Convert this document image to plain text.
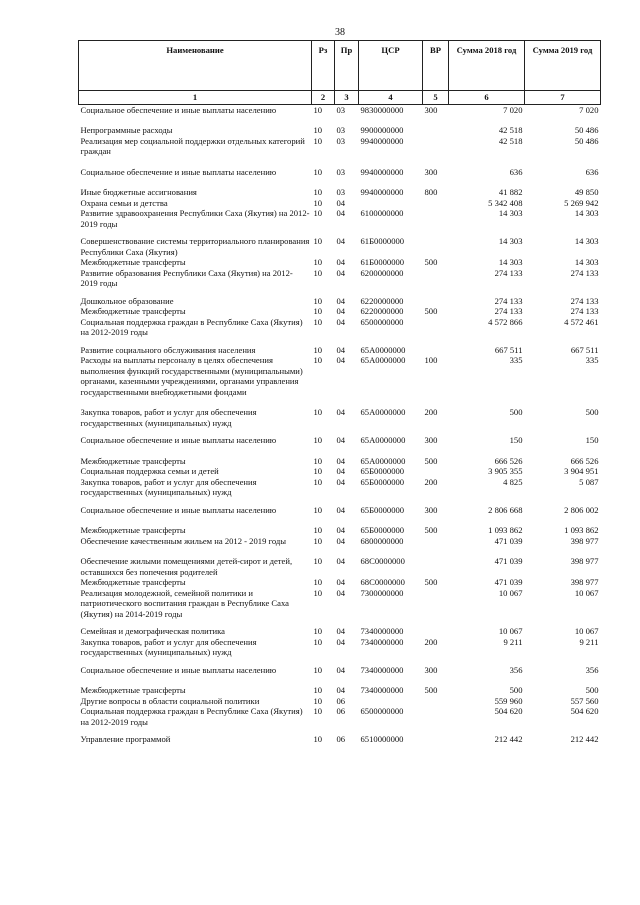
38
Наименование	Рз	Пр	ЦСР	ВР	Сумма 2018 год	Сумма 2019 год
1	2	3	4	5	6	7
Социальное обеспечение и иные выплаты населению	10	03	9830000000	300	7 020	7 020

Непрограммные расходы	10	03	9900000000		42 518	50 486
Реализация мер социальной поддержки отдельных категорий граждан	10	03	9940000000		42 518	50 486

Социальное обеспечение и иные выплаты населению	10	03	9940000000	300	636	636

Иные бюджетные ассигнования	10	03	9940000000	800	41 882	49 850
Охрана семьи и детства	10	04			5 342 408	5 269 942
Развитие здравоохранения Республики Саха (Якутия) на 2012-2019 годы	10	04	6100000000		14 303	14 303

Совершенствование системы территориального планирования Республики Саха (Якутия)	10	04	61Б0000000		14 303	14 303
Межбюджетные трансферты	10	04	61Б0000000	500	14 303	14 303
Развитие образования Республики Саха (Якутия) на 2012-2019 годы	10	04	6200000000		274 133	274 133

Дошкольное образование	10	04	6220000000		274 133	274 133
Межбюджетные трансферты	10	04	6220000000	500	274 133	274 133
Социальная поддержка граждан в Республике Саха (Якутия) на 2012-2019 годы	10	04	6500000000		4 572 866	4 572 461

Развитие социального обслуживания населения	10	04	65А0000000		667 511	667 511
Расходы на выплаты персоналу в целях обеспечения выполнения функций государственными (муниципальными) органами, казенными учреждениями, органами управления государственными внебюджетными фондами	10	04	65А0000000	100	335	335

Закупка товаров, работ и услуг для обеспечения государственных (муниципальных) нужд	10	04	65А0000000	200	500	500

Социальное обеспечение и иные выплаты населению	10	04	65А0000000	300	150	150

Межбюджетные трансферты	10	04	65А0000000	500	666 526	666 526
Социальная поддержка семьи и детей	10	04	65Б0000000		3 905 355	3 904 951
Закупка товаров, работ и услуг для обеспечения государственных (муниципальных) нужд	10	04	65Б0000000	200	4 825	5 087

Социальное обеспечение и иные выплаты населению	10	04	65Б0000000	300	2 806 668	2 806 002

Межбюджетные трансферты	10	04	65Б0000000	500	1 093 862	1 093 862
Обеспечение качественным жильем на 2012 - 2019 годы	10	04	6800000000		471 039	398 977

Обеспечение жилыми помещениями детей-сирот и детей, оставшихся без попечения родителей	10	04	68С0000000		471 039	398 977
Межбюджетные трансферты	10	04	68С0000000	500	471 039	398 977
Реализация молодежной, семейной политики и патриотического воспитания граждан в Республике Саха (Якутия) на 2014-2019 годы	10	04	7300000000		10 067	10 067

Семейная и демографическая политика	10	04	7340000000		10 067	10 067
Закупка товаров, работ и услуг для обеспечения государственных (муниципальных) нужд	10	04	7340000000	200	9 211	9 211

Социальное обеспечение и иные выплаты населению	10	04	7340000000	300	356	356

Межбюджетные трансферты	10	04	7340000000	500	500	500
Другие вопросы в области социальной политики	10	06			559 960	557 560
Социальная поддержка граждан в Республике Саха (Якутия) на 2012-2019 годы	10	06	6500000000		504 620	504 620

Управление программой	10	06	6510000000		212 442	212 442
